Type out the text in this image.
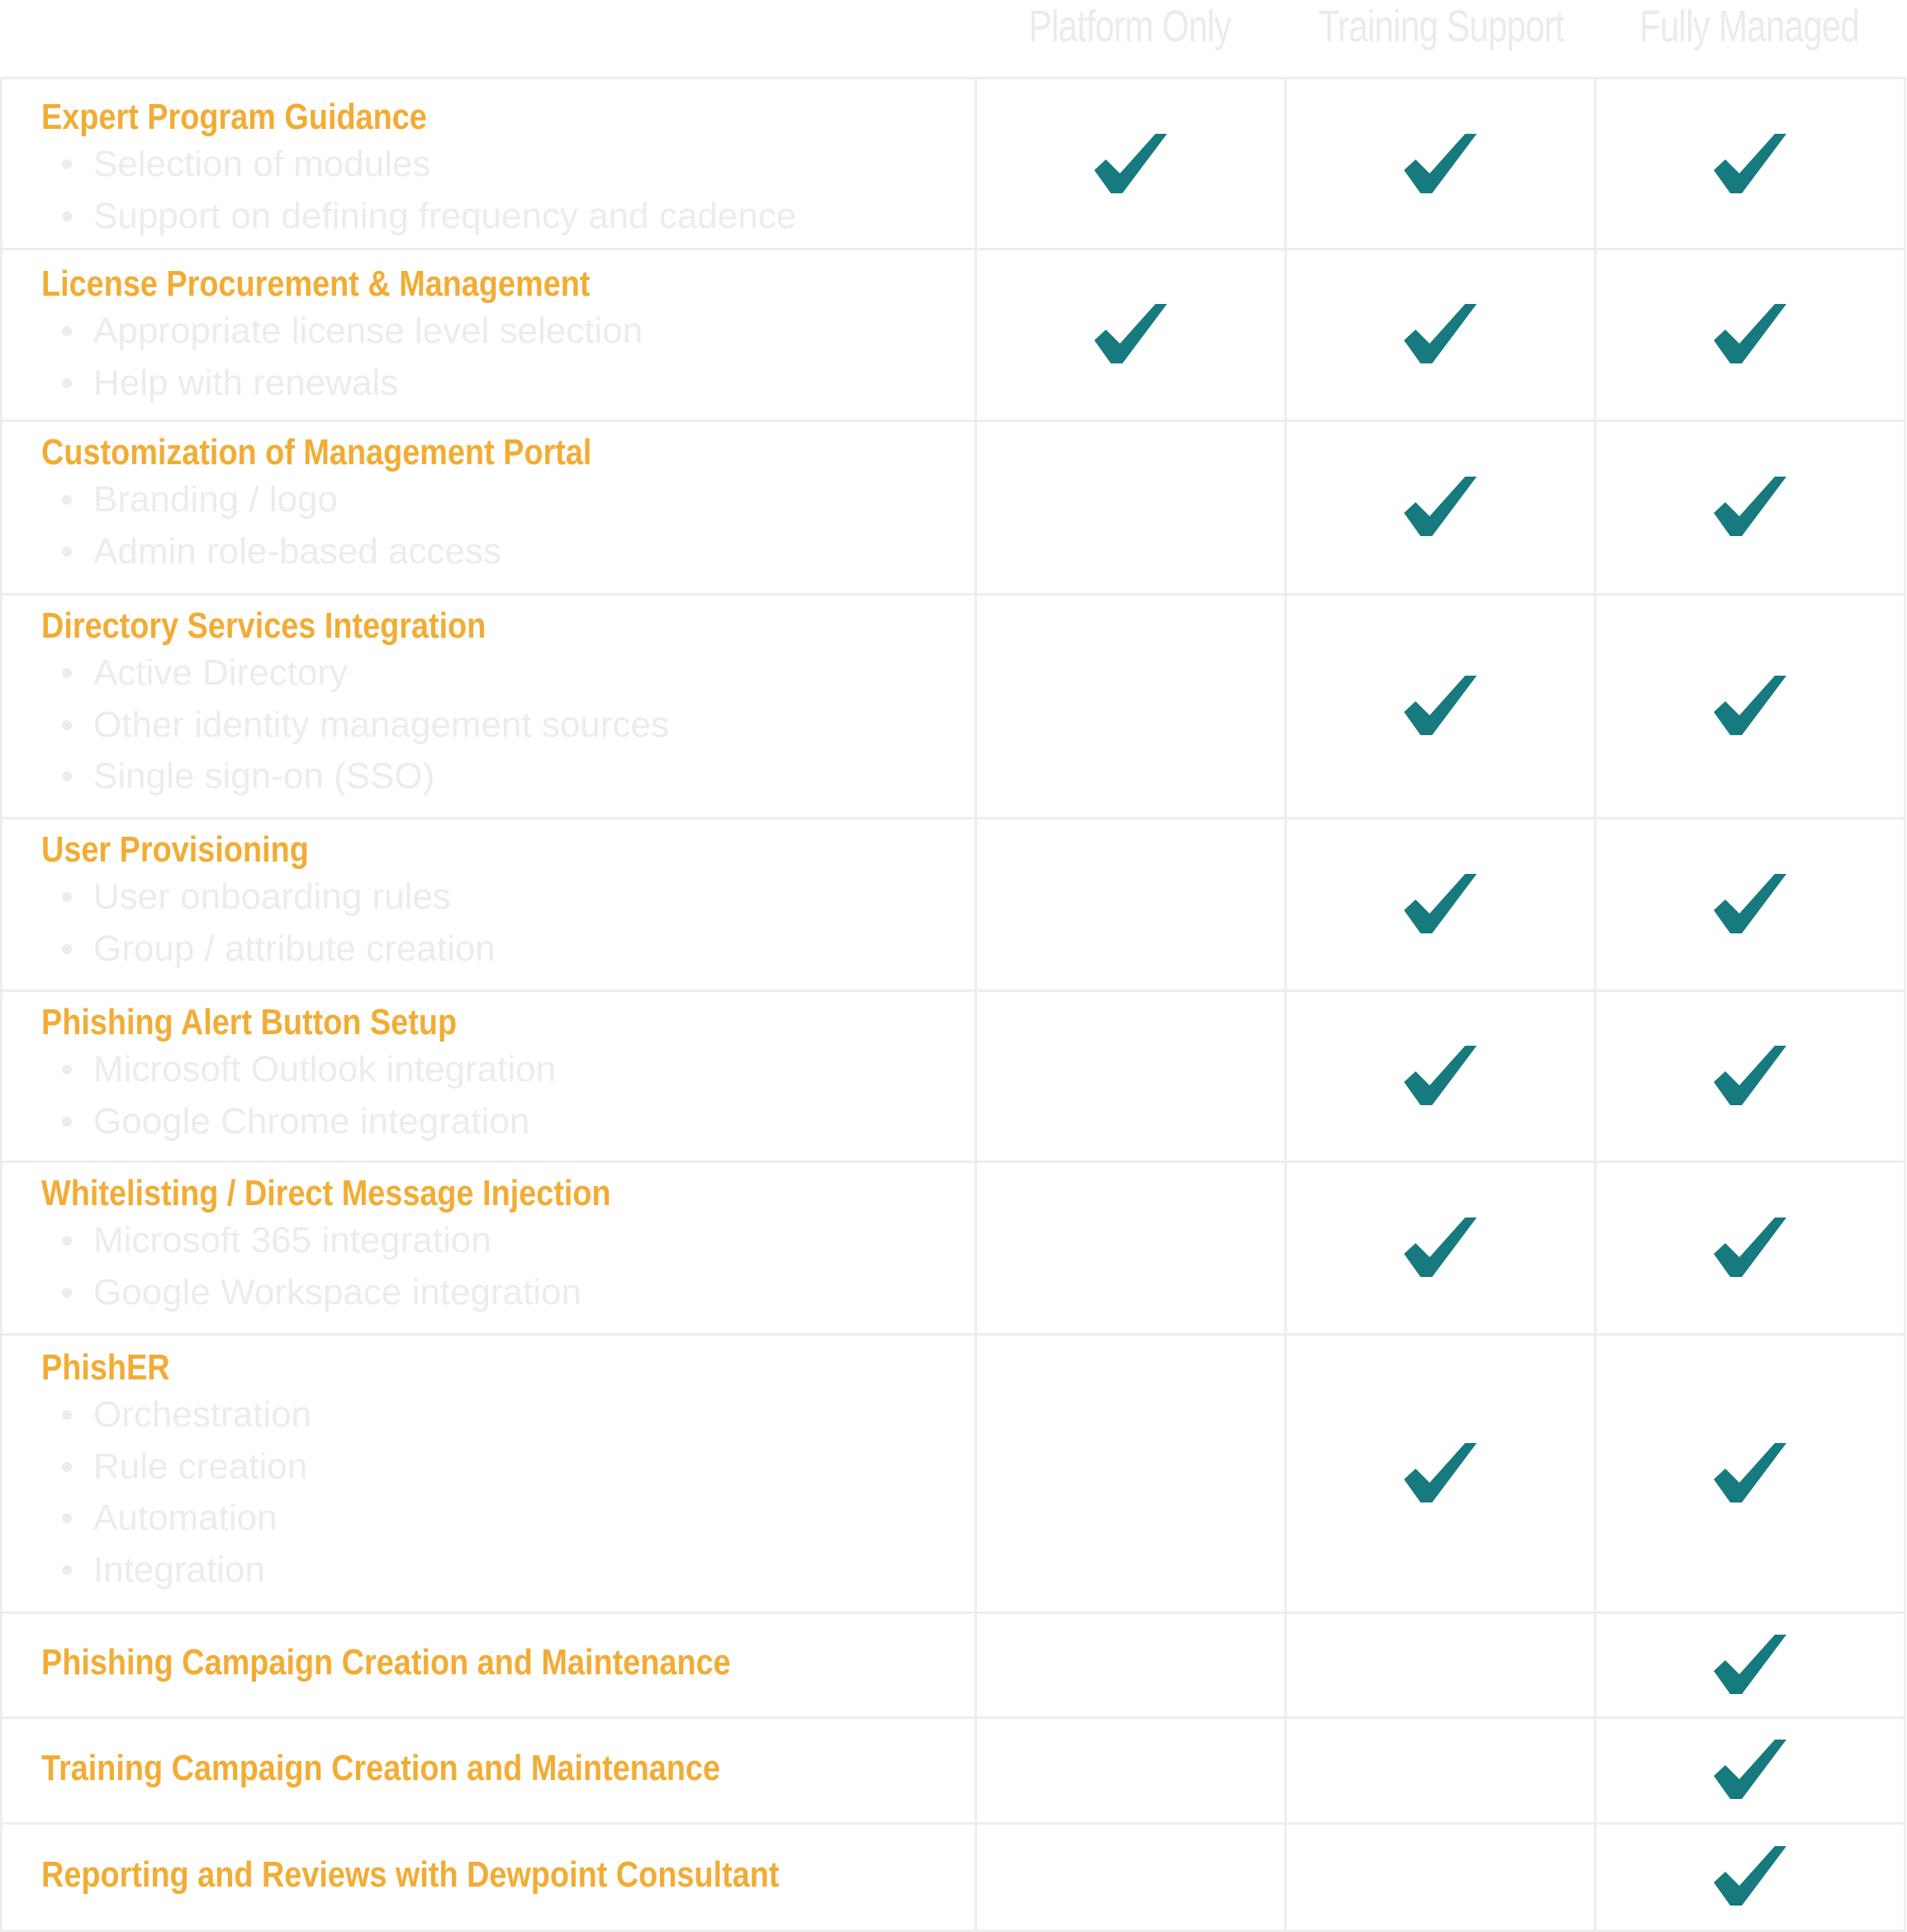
Platform Only	Training Support Fully Managed
Expert Program Guidance
Selection of modules
Support on defining frequency and cadence
License Procurement & Management
Appropriate license level selection
Help with renewals
Customization of Management Portal
Branding / logo
Admin role-based access
Directory Services Integration
Active Directory
Other identity management sources
Single sign-on (SSO)
User Provisioning
User onboarding rules
Group / attribute creation
Phishing Alert Button Setup
Microsoft Outlook integration
Google Chrome integration
Whitelisting / Direct Message Injection
Microsoft 365 integration
Google Workspace integration
PhishER
Orchestration
Rule creation
Automation
Integration
Phishing Campaign Creation and Maintenance
Training Campaign Creation and Maintenance
Reporting and Reviews with Dewpoint Consultant
